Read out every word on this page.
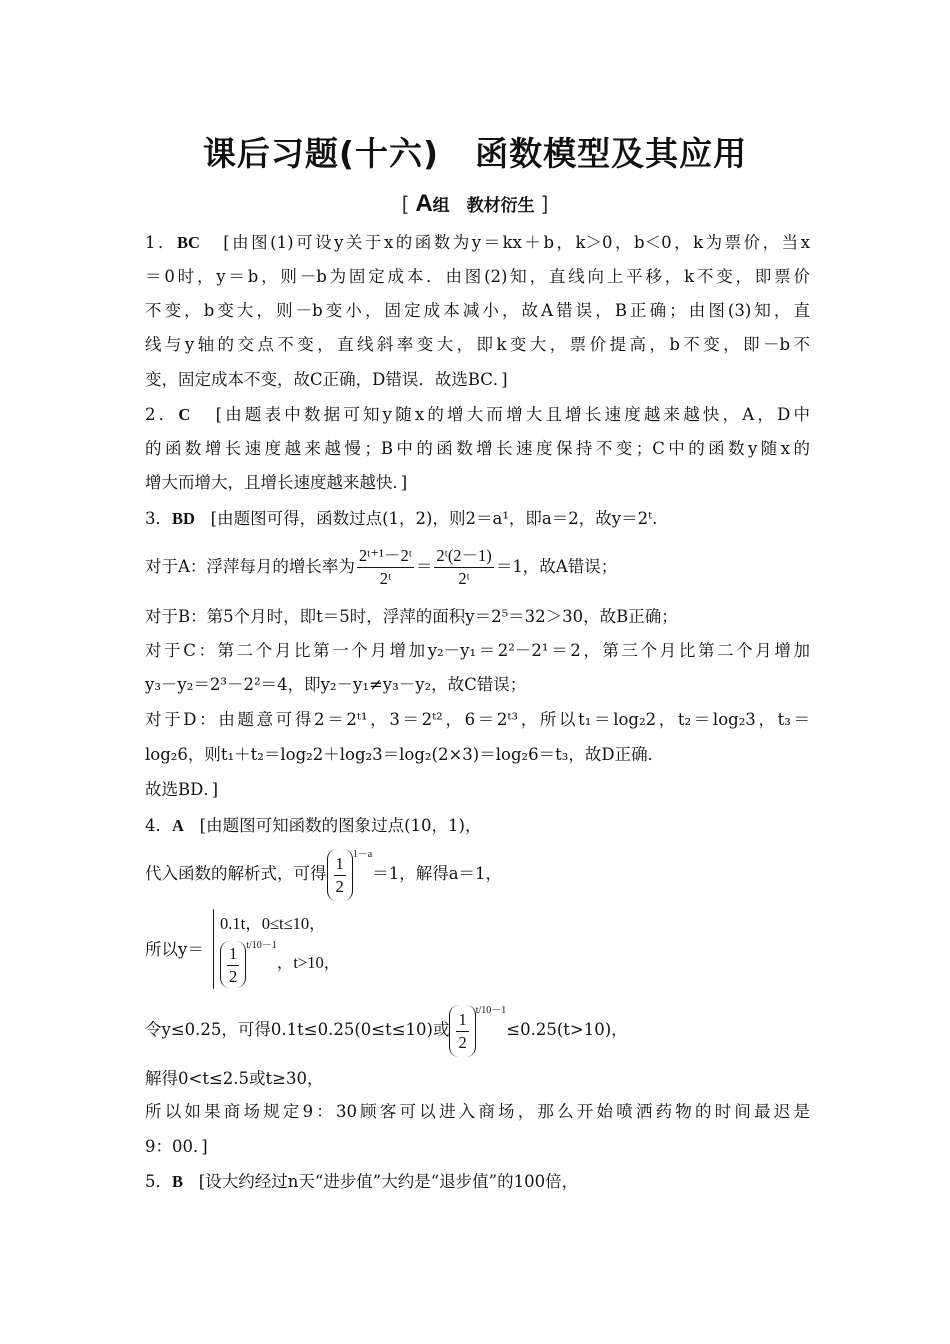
课后习题(十六) 函数模型及其应用
[ A组　教材衍生 ]
1．BC [由图(1)可设y关于x的函数为y＝kx＋b，k＞0，b＜0，k为票价，当x
＝0时，y＝b，则－b为固定成本．由图(2)知，直线向上平移，k不变，即票价
不变，b变大，则－b变小，固定成本减小，故A错误，B正确；由图(3)知，直
线与y轴的交点不变，直线斜率变大，即k变大，票价提高，b不变，即－b不
变，固定成本不变，故C正确，D错误．故选BC．]
2．C [由题表中数据可知y随x的增大而增大且增长速度越来越快，A，D中
的函数增长速度越来越慢；B中的函数增长速度保持不变；C中的函数y随x的
增大而增大，且增长速度越来越快．]
3．BD [由题图可得，函数过点(1，2)，则2＝a¹，即a＝2，故y＝2ᵗ.
对于A：浮萍每月的增长率为 $\frac{\text{2ᵗ⁺¹－2ᵗ}}{\text{2ᵗ}} = \frac{\text{2ᵗ(2－1)}}{\text{2ᵗ}} =1$，故A错误；
对于B：第5个月时，即t＝5时，浮萍的面积y＝2⁵＝32＞30，故B正确；
对于C：第二个月比第一个月增加y₂－y₁＝2²－2¹＝2，第三个月比第二个月增加
y₃－y₂＝2³－2²＝4，即y₂－y₁≠y₃－y₂，故C错误；
对于D：由题意可得2＝2ᵗ¹，3＝2ᵗ²，6＝2ᵗ³，所以t₁＝log₂2，t₂＝log₂3，t₃＝
log₂6，则t₁＋t₂＝log₂2＋log₂3＝log₂(2×3)＝log₂6＝t₃，故D正确．
故选BD．]
4．A [由题图可知函数的图象过点(10，1)，
代入函数的解析式，可得 $\frac{1}{2} ^{1-a}=1$，解得a＝1，
所以y＝
0.1t，0≤t≤10，
$\frac{1}{2} ^{t/10-1}$，t>10，
令y≤0.25，可得0.1t≤0.25(0≤t≤10)或 $\frac{1}{2} ^{t/10-1}\le 0.25(t>10)$，
解得0<t≤2.5或t≥30，
所以如果商场规定9：30顾客可以进入商场，那么开始喷洒药物的时间最迟是
9：00．]
5．B [设大约经过n天“进步值”大约是“退步值”的100倍，
